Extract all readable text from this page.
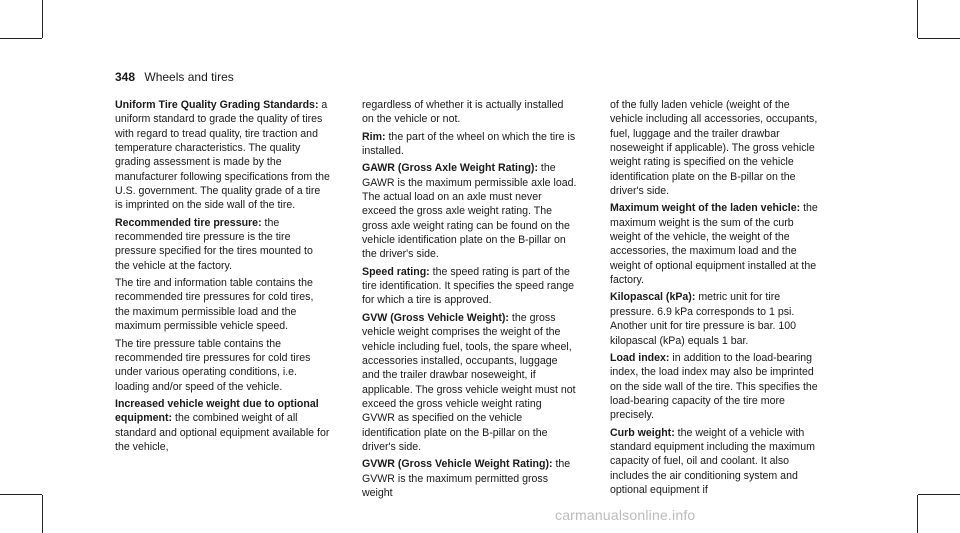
348 Wheels and tires

Uniform Tire Quality Grading Standards: a uniform standard to grade the quality of tires with regard to tread quality, tire traction and temperature characteristics. The quality grading assessment is made by the manufacturer following specifications from the U.S. government. The quality grade of a tire is imprinted on the side wall of the tire.

Recommended tire pressure: the recommended tire pressure is the tire pressure specified for the tires mounted to the vehicle at the factory.

The tire and information table contains the recommended tire pressures for cold tires, the maximum permissible load and the maximum permissible vehicle speed.

The tire pressure table contains the recommended tire pressures for cold tires under various operating conditions, i.e. loading and/or speed of the vehicle.

Increased vehicle weight due to optional equipment: the combined weight of all standard and optional equipment available for the vehicle,

regardless of whether it is actually installed on the vehicle or not.

Rim: the part of the wheel on which the tire is installed.

GAWR (Gross Axle Weight Rating): the GAWR is the maximum permissible axle load. The actual load on an axle must never exceed the gross axle weight rating. The gross axle weight rating can be found on the vehicle identification plate on the B-pillar on the driver's side.

Speed rating: the speed rating is part of the tire identification. It specifies the speed range for which a tire is approved.

GVW (Gross Vehicle Weight): the gross vehicle weight comprises the weight of the vehicle including fuel, tools, the spare wheel, accessories installed, occupants, luggage and the trailer drawbar noseweight, if applicable. The gross vehicle weight must not exceed the gross vehicle weight rating GVWR as specified on the vehicle identification plate on the B-pillar on the driver's side.

GVWR (Gross Vehicle Weight Rating): the GVWR is the maximum permitted gross weight

of the fully laden vehicle (weight of the vehicle including all accessories, occupants, fuel, luggage and the trailer drawbar noseweight if applicable). The gross vehicle weight rating is specified on the vehicle identification plate on the B-pillar on the driver's side.

Maximum weight of the laden vehicle: the maximum weight is the sum of the curb weight of the vehicle, the weight of the accessories, the maximum load and the weight of optional equipment installed at the factory.

Kilopascal (kPa): metric unit for tire pressure. 6.9 kPa corresponds to 1 psi. Another unit for tire pressure is bar. 100 kilopascal (kPa) equals 1 bar.

Load index: in addition to the load-bearing index, the load index may also be imprinted on the side wall of the tire. This specifies the load-bearing capacity of the tire more precisely.

Curb weight: the weight of a vehicle with standard equipment including the maximum capacity of fuel, oil and coolant. It also includes the air conditioning system and optional equipment if

carmanualsonline.info
